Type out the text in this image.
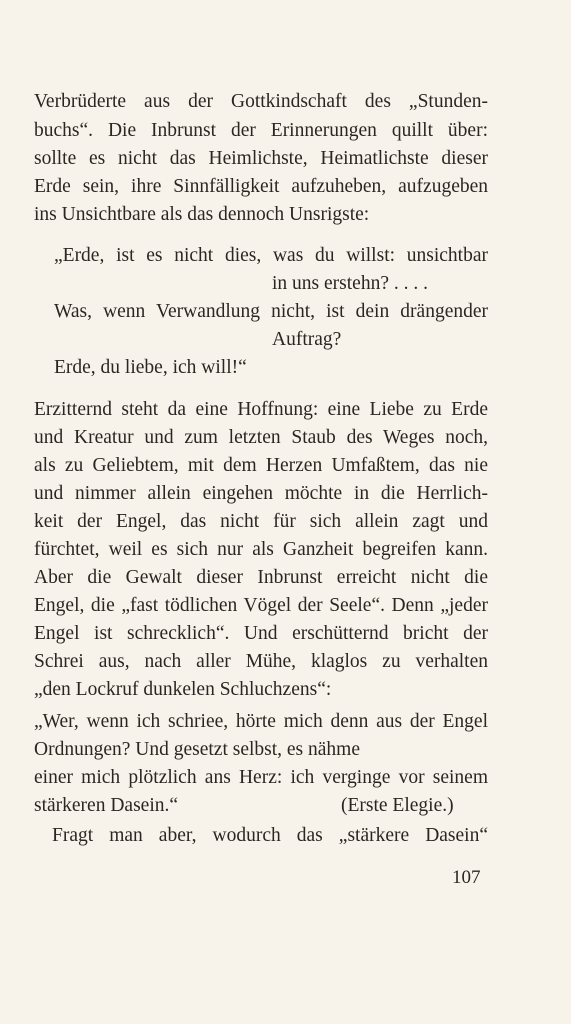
Verbrüderte aus der Gottkindschaft des „Stunden-
buchs“. Die Inbrunst der Erinnerungen quillt über:
sollte es nicht das Heimlichste, Heimatlichste dieser
Erde sein, ihre Sinnfälligkeit aufzuheben, aufzugeben
ins Unsichtbare als das dennoch Unsrigste:
„Erde, ist es nicht dies, was du willst: unsichtbar
in uns erstehn? . . . .
Was, wenn Verwandlung nicht, ist dein drängender
Auftrag?
Erde, du liebe, ich will!“
Erzitternd steht da eine Hoffnung: eine Liebe zu Erde
und Kreatur und zum letzten Staub des Weges noch,
als zu Geliebtem, mit dem Herzen Umfaßtem, das nie
und nimmer allein eingehen möchte in die Herrlich-
keit der Engel, das nicht für sich allein zagt und
fürchtet, weil es sich nur als Ganzheit begreifen kann.
Aber die Gewalt dieser Inbrunst erreicht nicht die
Engel, die „fast tödlichen Vögel der Seele“. Denn „jeder
Engel ist schrecklich“. Und erschütternd bricht der
Schrei aus, nach aller Mühe, klaglos zu verhalten
„den Lockruf dunkelen Schluchzens“:
„Wer, wenn ich schriee, hörte mich denn aus der Engel
Ordnungen? Und gesetzt selbst, es nähme
einer mich plötzlich ans Herz: ich verginge vor seinem
stärkeren Dasein.“	(Erste Elegie.)
Fragt man aber, wodurch das „stärkere Dasein“
107
